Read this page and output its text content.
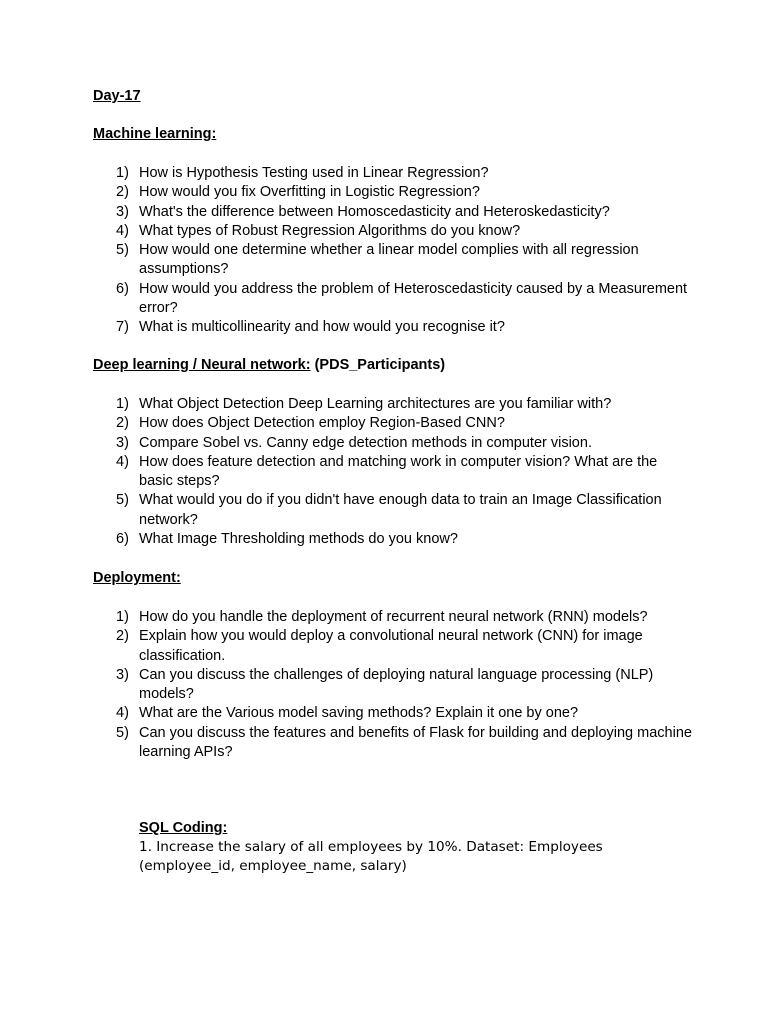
Day-17
Machine learning:
1) How is Hypothesis Testing used in Linear Regression?
2) How would you fix Overfitting in Logistic Regression?
3) What's the difference between Homoscedasticity and Heteroskedasticity?
4) What types of Robust Regression Algorithms do you know?
5) How would one determine whether a linear model complies with all regression assumptions?
6) How would you address the problem of Heteroscedasticity caused by a Measurement error?
7) What is multicollinearity and how would you recognise it?
Deep learning / Neural network: (PDS_Participants)
1) What Object Detection Deep Learning architectures are you familiar with?
2) How does Object Detection employ Region-Based CNN?
3) Compare Sobel vs. Canny edge detection methods in computer vision.
4) How does feature detection and matching work in computer vision? What are the basic steps?
5) What would you do if you didn't have enough data to train an Image Classification network?
6) What Image Thresholding methods do you know?
Deployment:
1) How do you handle the deployment of recurrent neural network (RNN) models?
2) Explain how you would deploy a convolutional neural network (CNN) for image classification.
3) Can you discuss the challenges of deploying natural language processing (NLP) models?
4) What are the Various model saving methods? Explain it one by one?
5) Can you discuss the features and benefits of Flask for building and deploying machine learning APIs?
SQL Coding:
1. Increase the salary of all employees by 10%. Dataset: Employees (employee_id, employee_name, salary)
